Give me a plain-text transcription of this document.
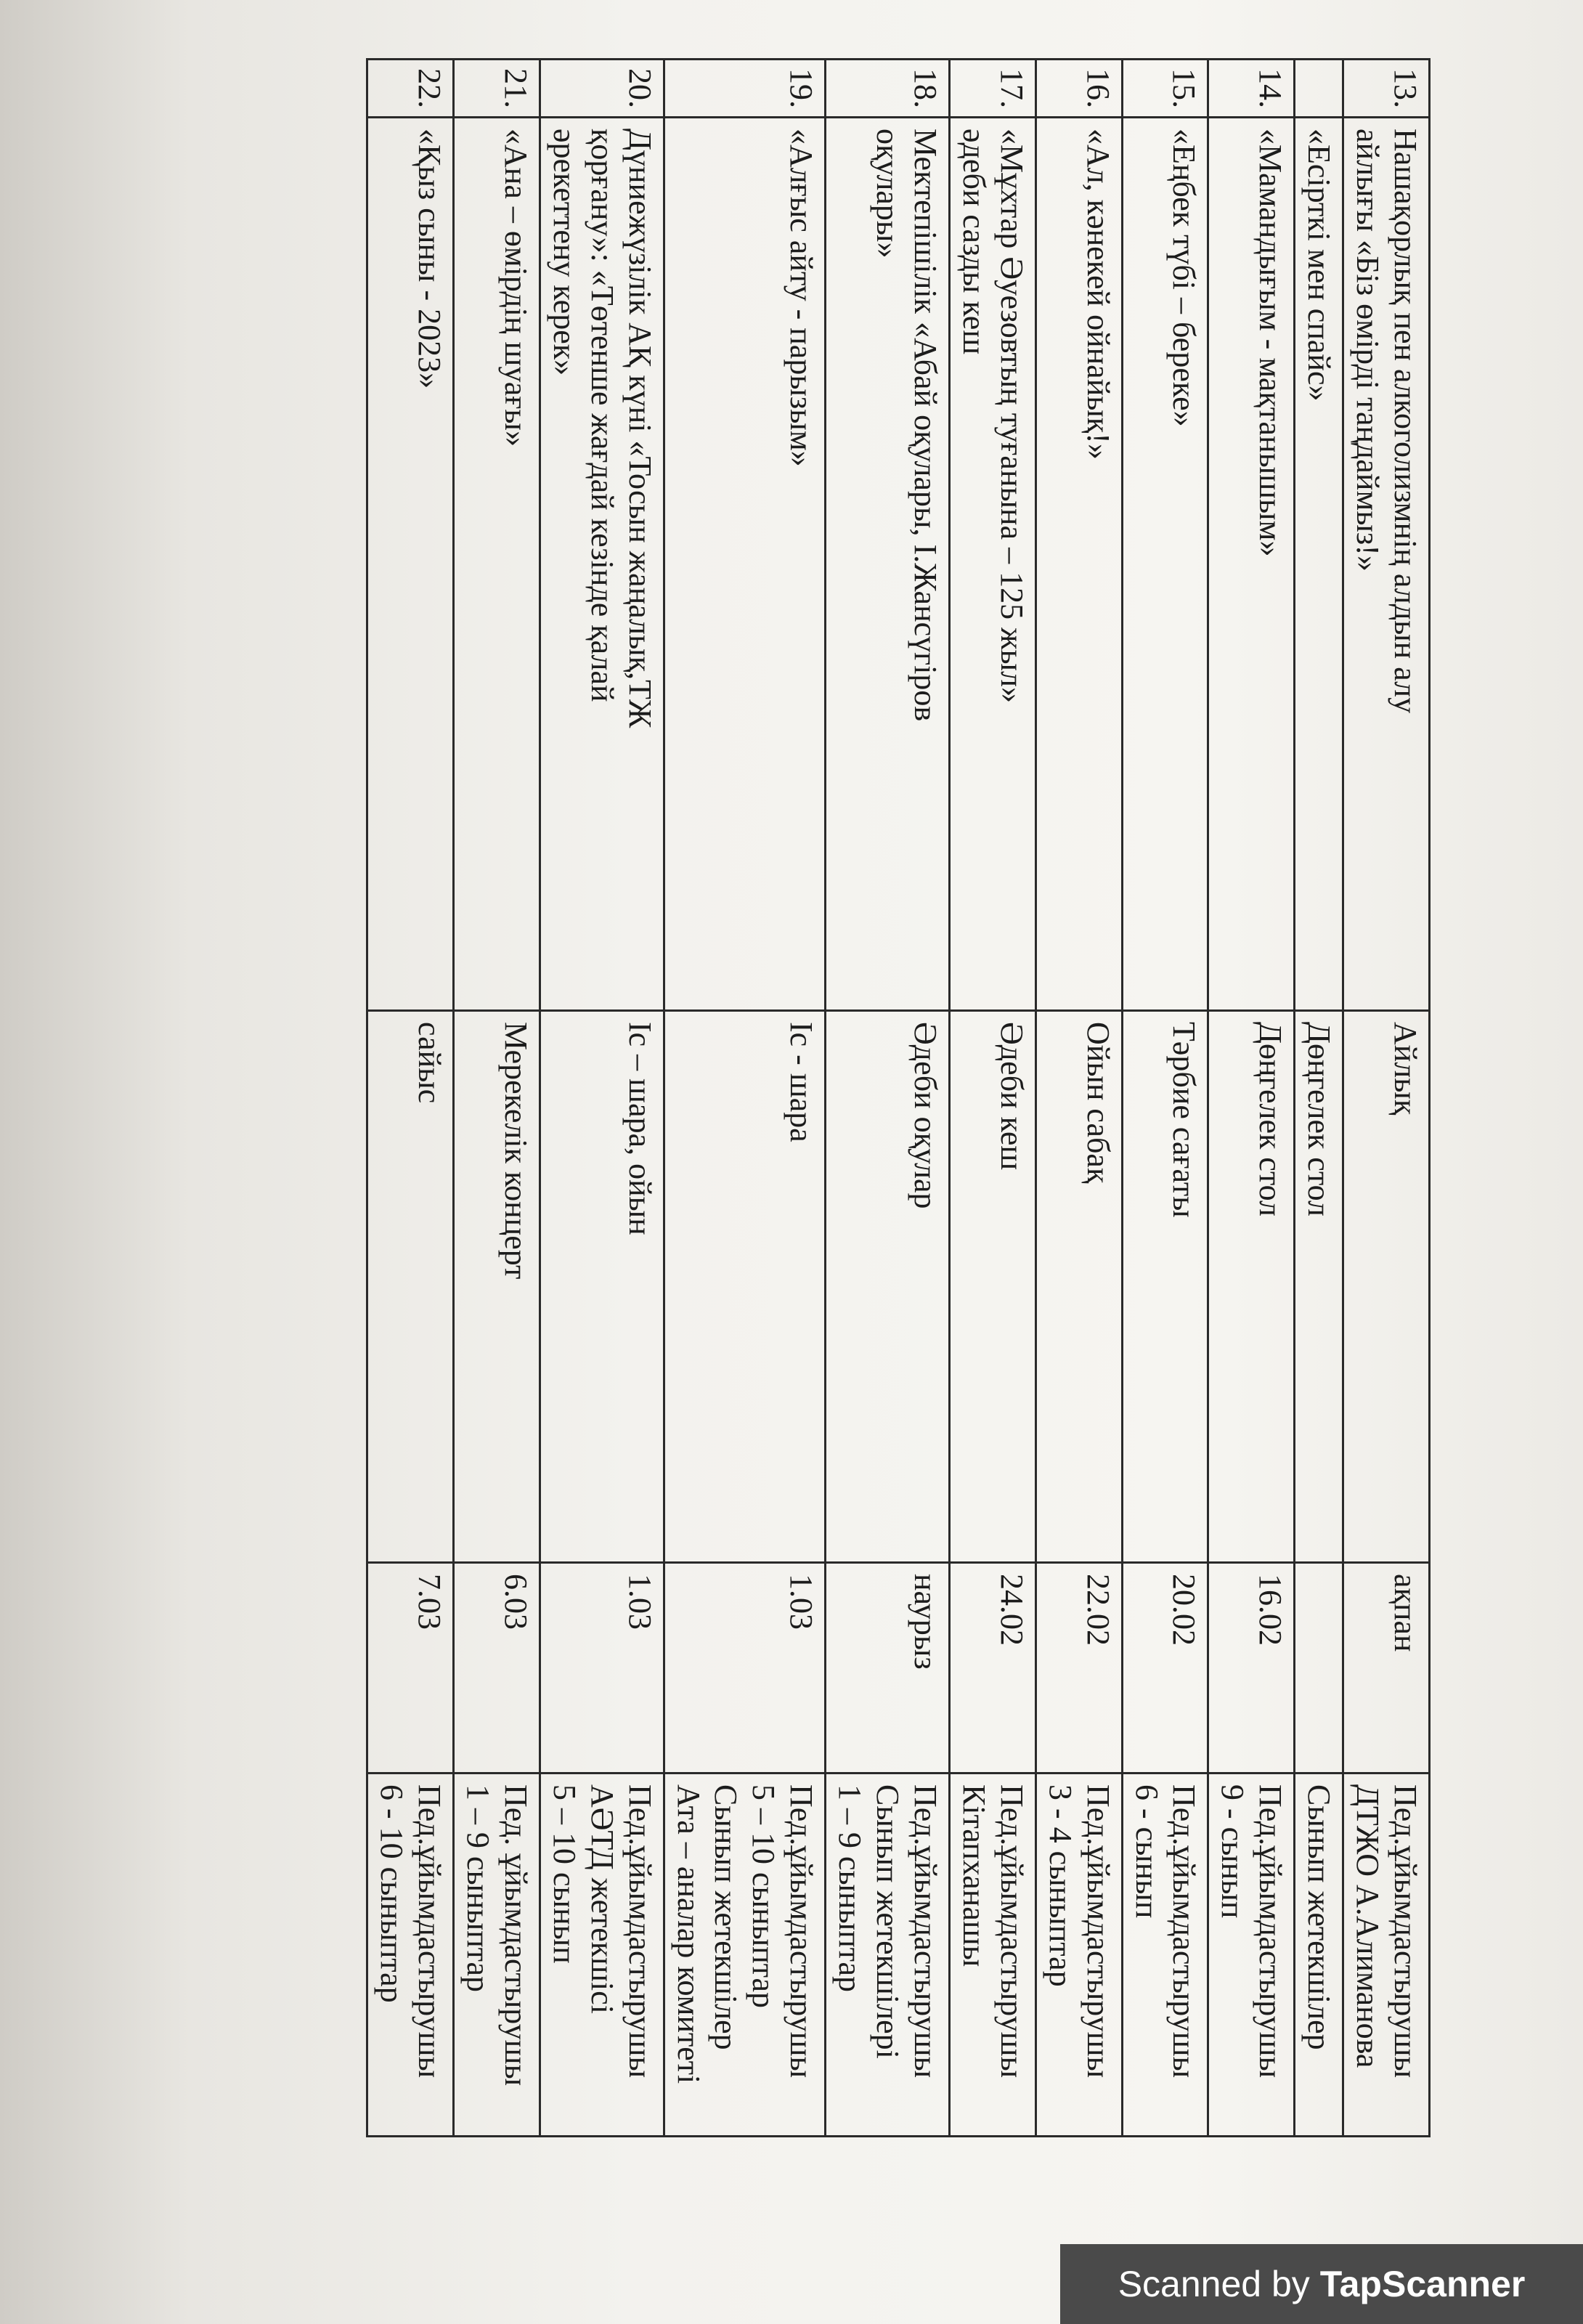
13.	Нашақорлық пен алкоголизмнің алдын алу
айлығы «Біз өмірді таңдаймыз!»	Айлық	ақпан	Пед.ұйымдастырушы
ДТЖО А.Алиманова

	«Есірткі мен спайс»	Дөңгелек стол		Сынып жетекшілер

14.	«Мамандығым - мақтанышым»	Дөңгелек стол	16.02	Пед.ұйымдастырушы
9 - сынып

15.	«Еңбек түбі – береке»	Тәрбие сағаты	20.02	Пед.ұйымдастырушы
6 - сынып

16.	«Ал, кәнекей ойнайық!»	Ойын сабақ	22.02	Пед.ұйымдастырушы
3 - 4 сыныптар

17.	«Мұхтар Әуезовтың туғанына – 125 жыл»
әдеби сазды кеш	Әдеби кеш	24.02	Пед.ұйымдастырушы
Кітапханашы

18.	Мектепішілік «Абай оқулары, І.Жансүгіров
оқулары»	Әдеби оқулар	наурыз	Пед.ұйымдастырушы
Сынып жетекшілері
1 – 9 сыныптар

19.	«Алғыс айту - парызым»	Іс - шара	1.03	Пед.ұйымдастырушы
5 – 10 сыныптар
Сынып жетекшілер
Ата – аналар комитеті

20.	Дүниежүзілік АҚ күні «Тосын жаңалық,ТЖ
қорғану»: «Төтенше жағдай кезінде қалай
әрекеттену керек»	Іс – шара, ойын	1.03	Пед.ұйымдастырушы
АӘТД жетекшісі
5 – 10 сынып

21.	«Ана – өмірдің шуағы»	Мерекелік концерт	6.03	Пед. ұйымдастырушы
1 – 9 сыныптар

22.	«Қыз сыны - 2023»	сайыс	7.03	Пед.ұйымдастырушы
6 - 10 сыныптар
Scanned by TapScanner
